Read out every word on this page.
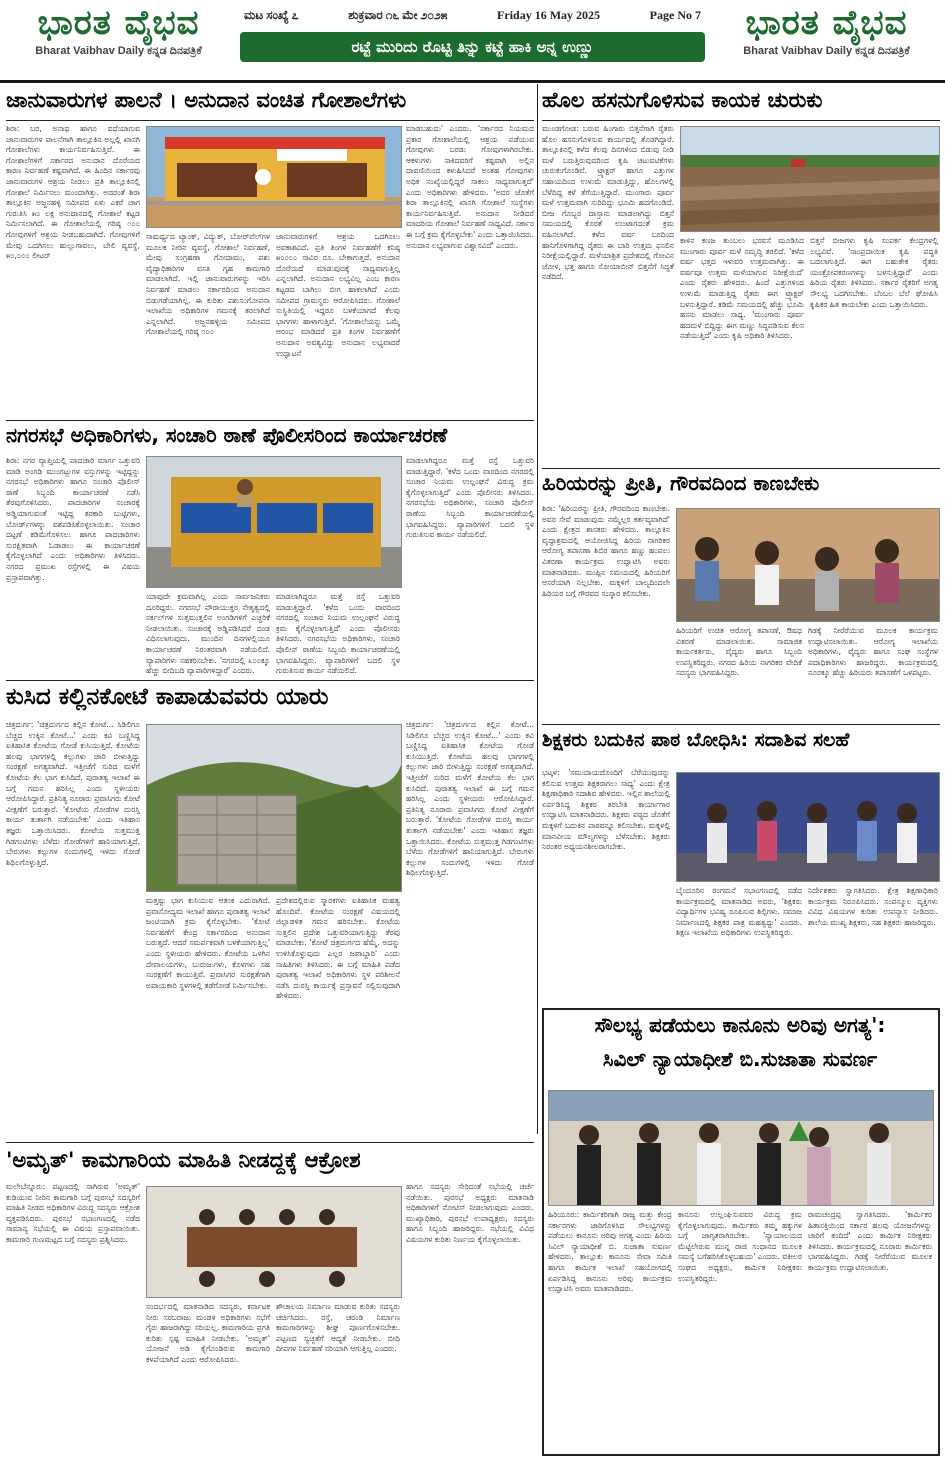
ಭಾರತ ವೈಭವ
Bharat Vaibhav Daily ಕನ್ನಡ ದಿನಪತ್ರಿಕೆ
ಮಟ ಸಂಖ್ಯೆ ೭	ಶುಕ್ರವಾರ ೧೬ ಮೇ ೨೦೨೫	Friday 16 May 2025	Page No 7
ರಟ್ಟೆ ಮುರಿದು ರೊಟ್ಟಿ ತಿನ್ನು ಕಟ್ಟೆ ಹಾಕಿ ಅನ್ನ ಉಣ್ಣು
ಭಾರತ ವೈಭವ
Bharat Vaibhav Daily ಕನ್ನಡ ದಿನಪತ್ರಿಕೆ
ಜಾನುವಾರುಗಳ ಪಾಲನೆ । ಅನುದಾನ ವಂಚಿತ ಗೋಶಾಲೆಗಳು
ಶಿರಾ: ಬರ, ಅನಾಥ ಹಾಗೂ ವಧೆಯಾಗುವ ಜಾನುವಾರುಗಳ ಪಾಲನೆಗಾಗಿ ತಾಲ್ಲೂಕಿನ ಅಲ್ಲಲ್ಲಿ ಖಾಸಗಿ ಗೋಶಾಲೆಗಳು ಕಾರ್ಯನಿರ್ವಹಿಸುತ್ತಿವೆ. ಈ ಗೋಶಾಲೆಗಳಿಗೆ ಸರ್ಕಾರದ ಅನುದಾನ ದೊರೆಯದ ಕಾರಣ ನಿರ್ವಹಣೆ ಕಷ್ಟವಾಗಿದೆ. ಈ ಹಿಂದಿನ ಸರ್ಕಾರವು ಜಾನುವಾರುಗಳ ಆಶ್ರಯ ನೀಡಲು ಪ್ರತಿ ತಾಲ್ಲೂಕಿನಲ್ಲಿ ಗೋಶಾಲೆ ನಿರ್ಮಿಸಲು ಮುಂದಾಗಿತ್ತು. ಅದರಂತೆ ಶಿರಾ ತಾಲ್ಲೂಕಿನ ಅಜ್ಜನಹಳ್ಳಿ ಸಮೀಪದ ಏಳು ಎಕರೆ ಜಾಗ ಗುರುತಿಸಿ ೫೦ ಲಕ್ಷ ಅನುದಾನದಲ್ಲಿ ಗೋಶಾಲೆ ಕಟ್ಟಡ ನಿರ್ಮಿಸಲಾಗಿದೆ. ಈ ಗೋಶಾಲೆಯಲ್ಲಿ ಗರಿಷ್ಠ ೧೦೦ ಗೋವುಗಳಿಗೆ ಆಶ್ರಯ ನೀಡಬಹುದಾಗಿದೆ. ಗೋವುಗಳಿಗೆ ಮೇವು ಒದಗಿಸಲು ಹುಲ್ಲುಗಾವಲು, ಬೇಲಿ ವ್ಯವಸ್ಥೆ, ೫೦,೦೦೦ ಲೀಟರ್
ಸಾಮರ್ಥ್ಯದ ಟ್ಯಾಂಕ್, ವಿದ್ಯುತ್, ಬೋರ್‌ವೆಲ್‌ಗಳ ಮೂಲಕ ನೀರಿನ ವ್ಯವಸ್ಥೆ, ಗೋಶಾಲೆ ನಿರ್ವಹಣೆ, ಮೇವು ಸಂಗ್ರಹಣಾ ಗೋದಾಮು, ಪಶು ವೈದ್ಯಾಧಿಕಾರಿಗಳ ವಸತಿ ಗೃಹ ಕಾಮಗಾರಿ ಮಾಡಲಾಗಿದೆ. ಇಲ್ಲಿ ಜಾನುವಾರುಗಳನ್ನು ಇರಿಸಿ ನಿರ್ವಹಣೆ ಮಾಡಲು ಸರ್ಕಾರದಿಂದ ಅನುದಾನ ಬಿಡುಗಡೆಯಾಗಿಲ್ಲ. ಈ ಕುರಿತು ಪಶುಸಂಗೋಪನಾ ಇಲಾಖೆಯ ಅಧಿಕಾರಿಗಳ ಗಮನಕ್ಕೆ ತರಲಾಗಿದೆ ಎನ್ನಲಾಗಿದೆ. ಅಜ್ಜನಹಳ್ಳಿಯ ಸಮೀಪದ ಗೋಶಾಲೆಯಲ್ಲಿ ಗರಿಷ್ಠ ೧೦೦
ಜಾನುವಾರುಗಳಿಗೆ ಆಶ್ರಯ ಒದಗಿಸಲು ಅವಕಾಶವಿದೆ. ಪ್ರತಿ ತಿಂಗಳ ನಿರ್ವಹಣೆಗೆ ಕನಿಷ್ಠ ೫೦೦೦೦ ಸಾವಿರ ರೂ. ಬೇಕಾಗುತ್ತದೆ. ಅನುದಾನ ದೊರೆಯದೆ ಮಾಡುವುದಕ್ಕೆ ಸಾಧ್ಯವಾಗುತ್ತಿಲ್ಲ ಎನ್ನಲಾಗಿದೆ. ಅನುದಾನ ಲಭ್ಯವಿಲ್ಲ ಎಂಬ ಕಾರಣ ಕಟ್ಟಡದ ಬಾಗಿಲು ಬೀಗ ಹಾಕಲಾಗಿದೆ ಎಂದು ಸಮೀಪದ ಗ್ರಾಮಸ್ಥರು ಆರೋಪಿಸಿದರು. ಗೋಶಾಲೆ ಸುಸ್ಥಿತಿಯಲ್ಲಿ ಇದ್ದರೂ ಬಳಕೆಯಾಗದೆ ಕೆಲವು ಭಾಗಗಳು ಹಾಳಾಗುತ್ತಿವೆ. 'ಗೋಶಾಲೆಯನ್ನು ಒಮ್ಮೆ ಆರಂಭ ಮಾಡಿದರೆ ಪ್ರತಿ ತಿಂಗಳ ನಿರ್ವಹಣೆಗೆ ಅನುದಾನ ಅವಶ್ಯವಿದ್ದು ಅನುದಾನ ಲಭ್ಯವಾದರೆ ಉದ್ಘಾಟನೆ
ಮಾಡಬಹುದು' ಎಂದರು. 'ಸರ್ಕಾರದ ನಿಯಮದ ಪ್ರಕಾರ ಗೋಶಾಲೆಯಲ್ಲಿ ಆಶ್ರಯ ಪಡೆಯುವ ಗೋವುಗಳು ಬರಡು ಗೋವುಗಳಾಗಿರಬೇಕು. ಆಕಳುಗಳು ಸಾಕಿದವರಿಗೆ ಕಷ್ಟವಾಗಿ ಅಲ್ಲಿನ ದಾವಣಿಯಿಂದ ಕಳುಹಿಸಿದರೆ ಅಂತಹ ಗೋವುಗಳು ಅಧಿಕ ಸಂಖ್ಯೆಯಲ್ಲಿದ್ದರೆ ಸಾಕಲು ಸಾಧ್ಯವಾಗುತ್ತದೆ' ಎಂದು ಅಧಿಕಾರಿಗಳು ಹೇಳಿದರು. 'ಅದರ ಜೊತೆಗೆ ಶಿರಾ ತಾಲ್ಲೂಕಿನಲ್ಲಿ ಖಾಸಗಿ ಗೋಶಾಲೆ ಸಂಸ್ಥೆಗಳು ಕಾರ್ಯನಿರ್ವಹಿಸುತ್ತಿವೆ. ಅನುದಾನ ನೀಡಿದರೆ ಮಾದರಿಯ ಗೋಶಾಲೆ ನಿರ್ವಹಣೆ ಸಾಧ್ಯವಿದೆ. ಸರ್ಕಾರ ಈ ಬಗ್ಗೆ ಕ್ರಮ ಕೈಗೊಳ್ಳಬೇಕು' ಎಂದು ಒತ್ತಾಯಿಸಿದರು. ಅನುದಾನ ಲಭ್ಯವಾಗುವ ವಿಶ್ವಾಸವಿದೆ' ಎಂದರು.
ಹೊಲ ಹಸನುಗೊಳಿಸುವ ಕಾಯಕ ಚುರುಕು
ಮುಂಡಗೋಡ: ಬರುವ ಹಿಂಗಾರು ಬಿತ್ತನೆಗಾಗಿ ರೈತರು ಹೊಲ ಹಸನುಗೊಳಿಸುವ ಕಾರ್ಯದಲ್ಲಿ ತೊಡಗಿದ್ದಾರೆ. ತಾಲ್ಲೂಕಿನಲ್ಲಿ ಕಳೆದ ಕೆಲವು ದಿನಗಳಿಂದ ಬಿಡುವು ನೀಡಿ ಮಳೆ ಬರುತ್ತಿರುವುದರಿಂದ ಕೃಷಿ ಚಟುವಟಿಕೆಗಳು ಚುರುಕುಗೊಂಡಿವೆ. ಟ್ರ್ಯಾಕ್ಟರ್ ಹಾಗೂ ಎತ್ತುಗಳ ಸಹಾಯದಿಂದ ಉಳುಮೆ ಮಾಡುತ್ತಿದ್ದು, ಹೊಲಗಳಲ್ಲಿ ಬೆಳೆದಿದ್ದ ಕಳೆ ತೆಗೆಯುತ್ತಿದ್ದಾರೆ. ಮುಂಗಾರು ಪೂರ್ವ ಮಳೆ ಉತ್ತಮವಾಗಿ ಸುರಿದಿದ್ದು ಭೂಮಿ ಹದಗೊಂಡಿದೆ. ಬೀಜ ಗೊಬ್ಬರ ದಾಸ್ತಾನು ಮಾಡಲಾಗಿದ್ದು ಬಿತ್ತನೆ ಸಮಯದಲ್ಲಿ ಕೊರತೆ ಉಂಟಾಗದಂತೆ ಕ್ರಮ ವಹಿಸಲಾಗಿದೆ. ಕಳೆದ ವರ್ಷ ಬರದಿಂದ ಹಾನಿಗೊಳಗಾಗಿದ್ದ ರೈತರು ಈ ಬಾರಿ ಉತ್ತಮ ಫಸಲಿನ ನಿರೀಕ್ಷೆಯಲ್ಲಿದ್ದಾರೆ. ಮಳೆಯಾಶ್ರಿತ ಪ್ರದೇಶದಲ್ಲಿ ಗೋವಿನ ಜೋಳ, ಭತ್ತ ಹಾಗೂ ಸೋಯಾಬೀನ್ ಬಿತ್ತನೆಗೆ ಸಿದ್ಧತೆ ನಡೆದಿದೆ.
ಕಾಳಿನ ಕಣಜ ತುಂಬಲು ಭರವಸೆ ಮೂಡಿಸಿದ ಮುಂಗಾರು ಪೂರ್ವ ಮಳೆ ಸಮೃದ್ಧಿ ತರಲಿದೆ. 'ಕಳೆದ ವರ್ಷ ಭತ್ತದ ಇಳುವರಿ ಉತ್ತಮವಾಗಿತ್ತು. ಈ ವರ್ಷವೂ ಉತ್ತಮ ಮಳೆಯಾಗುವ ನಿರೀಕ್ಷೆಯಿದೆ' ಎಂದು ರೈತರು ಹೇಳಿದರು. ಹಿಂದೆ ಎತ್ತುಗಳಿಂದ ಉಳುಮೆ ಮಾಡುತ್ತಿದ್ದ ರೈತರು ಈಗ ಟ್ರ್ಯಾಕ್ಟರ್ ಬಳಸುತ್ತಿದ್ದಾರೆ. ಕಡಿಮೆ ಸಮಯದಲ್ಲಿ ಹೆಚ್ಚು ಭೂಮಿ ಹಸನು ಮಾಡಲು ಸಾಧ್ಯ. 'ಮುಂಗಾರು ಪೂರ್ವ ಹದಮಳೆ ಬಿದ್ದಿದ್ದು ಈಗ ಮಣ್ಣು ಸಿದ್ಧಪಡಿಸುವ ಕೆಲಸ ನಡೆಯುತ್ತಿದೆ' ಎಂದು ಕೃಷಿ ಅಧಿಕಾರಿ ತಿಳಿಸಿದರು.
ಬಿತ್ತನೆ ಬೀಜಗಳು ಕೃಷಿ ಸಂಪರ್ಕ ಕೇಂದ್ರಗಳಲ್ಲಿ ಲಭ್ಯವಿವೆ. 'ಸಾಂಪ್ರದಾಯಿಕ ಕೃಷಿ ಪದ್ಧತಿ ಬದಲಾಗುತ್ತಿದೆ. ಈಗ ಬಹುತೇಕ ರೈತರು ಯಂತ್ರೋಪಕರಣಗಳನ್ನು ಬಳಸುತ್ತಿದ್ದಾರೆ' ಎಂದು ಹಿರಿಯ ರೈತರು ತಿಳಿಸಿದರು. ಸರ್ಕಾರ ರೈತರಿಗೆ ಅಗತ್ಯ ಸೌಲಭ್ಯ ಒದಗಿಸಬೇಕು. ಬೆಂಬಲ ಬೆಲೆ ಘೋಷಿಸಿ ಕೃಷಿಕರ ಹಿತ ಕಾಯಬೇಕು ಎಂದು ಒತ್ತಾಯಿಸಿದರು.
ನಗರಸಭೆ ಅಧಿಕಾರಿಗಳು, ಸಂಚಾರಿ ಠಾಣೆ ಪೊಲೀಸರಿಂದ ಕಾರ್ಯಾಚರಣೆ
ಶಿರಾ: ನಗರ ವ್ಯಾಪ್ತಿಯಲ್ಲಿ ಪಾದಚಾರಿ ಮಾರ್ಗ ಒತ್ತುವರಿ ಮಾಡಿ ಅಂಗಡಿ ಮುಂಗಟ್ಟುಗಳ ವಸ್ತುಗಳನ್ನು ಇಟ್ಟಿದ್ದನ್ನು ನಗರಸಭೆ ಅಧಿಕಾರಿಗಳು ಹಾಗೂ ಸಂಚಾರಿ ಪೊಲೀಸ್ ಠಾಣೆ ಸಿಬ್ಬಂದಿ ಕಾರ್ಯಾಚರಣೆ ನಡೆಸಿ ತೆರವುಗೊಳಿಸಿದರು. ಪಾದಚಾರಿಗಳ ಸಂಚಾರಕ್ಕೆ ಅಡ್ಡಿಯಾಗುವಂತೆ ಇಟ್ಟಿದ್ದ ತರಕಾರಿ ಬುಟ್ಟಿಗಳು, ಬೋರ್ಡ್‌ಗಳನ್ನು ವಶಪಡಿಸಿಕೊಳ್ಳಲಾಯಿತು. ಸಂಚಾರ ದಟ್ಟಣೆ ಕಡಿಮೆಗೊಳಿಸಲು ಹಾಗೂ ಪಾದಚಾರಿಗಳು ಸುರಕ್ಷಿತವಾಗಿ ಓಡಾಡಲು ಈ ಕಾರ್ಯಾಚರಣೆ ಕೈಗೊಳ್ಳಲಾಗಿದೆ ಎಂದು ಅಧಿಕಾರಿಗಳು ತಿಳಿಸಿದರು. ನಗರದ ಪ್ರಮುಖ ರಸ್ತೆಗಳಲ್ಲಿ ಈ ವಿಷಯ ಪ್ರಸ್ತಾಪವಾಗಿತ್ತು.
ಯಾವುದೇ ಕ್ರಮವಾಗಿಲ್ಲ ಎಂದು ಸಾರ್ವಜನಿಕರು ದೂರಿದ್ದರು. ನಗರಸಭೆ ಪೌರಾಯುಕ್ತರ ನೇತೃತ್ವದಲ್ಲಿ ಸರ್ಕಲ್‌ಗಳ ಸುತ್ತಮುತ್ತಲಿನ ಅಂಗಡಿಗಳಿಗೆ ಎಚ್ಚರಿಕೆ ನೀಡಲಾಯಿತು. ಸಂಚಾರಕ್ಕೆ ಅಡ್ಡಿಪಡಿಸಿದರೆ ದಂಡ ವಿಧಿಸಲಾಗುವುದು. ಮುಂದಿನ ದಿನಗಳಲ್ಲಿಯೂ ಕಾರ್ಯಾಚರಣೆ ನಿರಂತರವಾಗಿ ನಡೆಯಲಿದೆ. ವ್ಯಾಪಾರಿಗಳು ಸಹಕರಿಸಬೇಕು. 'ನಗರದಲ್ಲಿ ೩೦೦ಕ್ಕೂ ಹೆಚ್ಚು ಬೀದಿಬದಿ ವ್ಯಾಪಾರಿಗಳಿದ್ದಾರೆ' ಎಂದರು.
ಮಾಡಲಾಗಿದ್ದರೂ ಮತ್ತೆ ರಸ್ತೆ ಒತ್ತುವರಿ ಮಾಡುತ್ತಿದ್ದಾರೆ. 'ಕಳೆದ ಒಂದು ವಾರದಿಂದ ನಗರದಲ್ಲಿ ಸಂಚಾರ ನಿಯಮ ಉಲ್ಲಂಘನೆ ವಿರುದ್ಧ ಕ್ರಮ ಕೈಗೊಳ್ಳಲಾಗುತ್ತಿದೆ' ಎಂದು ಪೊಲೀಸರು ತಿಳಿಸಿದರು. ನಗರಸಭೆಯ ಅಧಿಕಾರಿಗಳು, ಸಂಚಾರಿ ಪೊಲೀಸ್ ಠಾಣೆಯ ಸಿಬ್ಬಂದಿ ಕಾರ್ಯಾಚರಣೆಯಲ್ಲಿ ಭಾಗವಹಿಸಿದ್ದರು. ವ್ಯಾಪಾರಿಗಳಿಗೆ ಬದಲಿ ಸ್ಥಳ ಗುರುತಿಸುವ ಕಾರ್ಯ ನಡೆಯಲಿದೆ.
ಮಾಡಲಾಗಿದ್ದರೂ ಮತ್ತೆ ರಸ್ತೆ ಒತ್ತುವರಿ ಮಾಡುತ್ತಿದ್ದಾರೆ. 'ಕಳೆದ ಒಂದು ವಾರದಿಂದ ನಗರದಲ್ಲಿ ಸಂಚಾರ ನಿಯಮ ಉಲ್ಲಂಘನೆ ವಿರುದ್ಧ ಕ್ರಮ ಕೈಗೊಳ್ಳಲಾಗುತ್ತಿದೆ' ಎಂದು ಪೊಲೀಸರು ತಿಳಿಸಿದರು. ನಗರಸಭೆಯ ಅಧಿಕಾರಿಗಳು, ಸಂಚಾರಿ ಪೊಲೀಸ್ ಠಾಣೆಯ ಸಿಬ್ಬಂದಿ ಕಾರ್ಯಾಚರಣೆಯಲ್ಲಿ ಭಾಗವಹಿಸಿದ್ದರು. ವ್ಯಾಪಾರಿಗಳಿಗೆ ಬದಲಿ ಸ್ಥಳ ಗುರುತಿಸುವ ಕಾರ್ಯ ನಡೆಯಲಿದೆ.
ಹಿರಿಯರನ್ನು ಪ್ರೀತಿ, ಗೌರವದಿಂದ ಕಾಣಬೇಕು
ಶಿರಾ: 'ಹಿರಿಯರನ್ನು ಪ್ರೀತಿ, ಗೌರವದಿಂದ ಕಾಣಬೇಕು. ಅವರ ಸೇವೆ ಮಾಡುವುದು ನಮ್ಮೆಲ್ಲರ ಕರ್ತವ್ಯವಾಗಿದೆ' ಎಂದು ಕ್ಷೇತ್ರದ ಶಾಸಕರು ಹೇಳಿದರು. ತಾಲ್ಲೂಕಿನ ವೃದ್ಧಾಶ್ರಮದಲ್ಲಿ ಆಯೋಜಿಸಿದ್ದ ಹಿರಿಯ ನಾಗರಿಕರ ಆರೋಗ್ಯ ತಪಾಸಣಾ ಶಿಬಿರ ಹಾಗೂ ಹಣ್ಣು ಹಂಪಲು ವಿತರಣಾ ಕಾರ್ಯಕ್ರಮ ಉದ್ಘಾಟಿಸಿ ಅವರು ಮಾತನಾಡಿದರು. ಮುಪ್ಪಿನ ಸಮಯದಲ್ಲಿ ಹಿರಿಯರಿಗೆ ಆಸರೆಯಾಗಿ ನಿಲ್ಲಬೇಕು. ಮಕ್ಕಳಿಗೆ ಬಾಲ್ಯದಿಂದಲೇ ಹಿರಿಯರ ಬಗ್ಗೆ ಗೌರವದ ಸಂಸ್ಕಾರ ಕಲಿಸಬೇಕು.
ಹಿರಿಯರಿಗೆ ಉಚಿತ ಆರೋಗ್ಯ ತಪಾಸಣೆ, ಔಷಧ ವಿತರಣೆ ಮಾಡಲಾಯಿತು. ಸಾಮಾಜಿಕ ಕಾರ್ಯಕರ್ತರು, ವೈದ್ಯರು ಹಾಗೂ ಸಿಬ್ಬಂದಿ ಉಪಸ್ಥಿತರಿದ್ದರು. ನಗರದ ಹಿರಿಯ ನಾಗರಿಕರ ವೇದಿಕೆ ಸದಸ್ಯರು ಭಾಗವಹಿಸಿದ್ದರು.
ಗಿಡಕ್ಕೆ ನೀರೆರೆಯುವ ಮೂಲಕ ಕಾರ್ಯಕ್ರಮ ಉದ್ಘಾಟಿಸಲಾಯಿತು. ಆರೋಗ್ಯ ಇಲಾಖೆಯ ಅಧಿಕಾರಿಗಳು, ವೈದ್ಯರು ಹಾಗೂ ಸಂಘ ಸಂಸ್ಥೆಗಳ ಪದಾಧಿಕಾರಿಗಳು ಹಾಜರಿದ್ದರು. ಕಾರ್ಯಕ್ರಮದಲ್ಲಿ ನೂರಕ್ಕೂ ಹೆಚ್ಚು ಹಿರಿಯರು ತಪಾಸಣೆಗೆ ಒಳಪಟ್ಟರು.
ಕುಸಿದ ಕಲ್ಲಿನಕೋಟೆ ಕಾಪಾಡುವವರು ಯಾರು
ಚಿತ್ರದುರ್ಗ: 'ಚಿತ್ರದುರ್ಗದ ಕಲ್ಲಿನ ಕೋಟೆ... ಸಿಡಿಲಿಗೂ ಬೆಚ್ಚದ ಉಕ್ಕಿನ ಕೋಟೆ...' ಎಂದು ಕವಿ ಬಣ್ಣಿಸಿದ್ದ ಐತಿಹಾಸಿಕ ಕೋಟೆಯ ಗೋಡೆ ಕುಸಿಯುತ್ತಿದೆ. ಕೋಟೆಯ ಹಲವು ಭಾಗಗಳಲ್ಲಿ ಕಲ್ಲುಗಳು ಜಾರಿ ಬೀಳುತ್ತಿದ್ದು ಸಂರಕ್ಷಣೆ ಅಗತ್ಯವಾಗಿದೆ. ಇತ್ತೀಚೆಗೆ ಸುರಿದ ಮಳೆಗೆ ಕೋಟೆಯ ಕೆಲ ಭಾಗ ಕುಸಿದಿದೆ. ಪುರಾತತ್ವ ಇಲಾಖೆ ಈ ಬಗ್ಗೆ ಗಮನ ಹರಿಸಿಲ್ಲ ಎಂದು ಸ್ಥಳೀಯರು ಆರೋಪಿಸಿದ್ದಾರೆ. ಪ್ರತಿನಿತ್ಯ ನೂರಾರು ಪ್ರವಾಸಿಗರು ಕೋಟೆ ವೀಕ್ಷಣೆಗೆ ಬರುತ್ತಾರೆ. 'ಕೋಟೆಯ ಗೋಡೆಗಳ ದುರಸ್ತಿ ಕಾರ್ಯ ತುರ್ತಾಗಿ ನಡೆಯಬೇಕು' ಎಂದು ಇತಿಹಾಸ ತಜ್ಞರು ಒತ್ತಾಯಿಸಿದರು. ಕೋಟೆಯ ಸುತ್ತಮುತ್ತ ಗಿಡಗಂಟಿಗಳು ಬೆಳೆದು ಗೋಡೆಗಳಿಗೆ ಹಾನಿಯಾಗುತ್ತಿದೆ. ಬೇರುಗಳು ಕಲ್ಲುಗಳ ಸಂದುಗಳಲ್ಲಿ ಇಳಿದು ಗೋಡೆ ಶಿಥಿಲಗೊಳ್ಳುತ್ತಿದೆ.
ಮತ್ತಷ್ಟು ಭಾಗ ಕುಸಿಯುವ ಆತಂಕ ಎದುರಾಗಿದೆ. ಪ್ರವಾಸೋದ್ಯಮ ಇಲಾಖೆ ಹಾಗೂ ಪುರಾತತ್ವ ಇಲಾಖೆ ಜಂಟಿಯಾಗಿ ಕ್ರಮ ಕೈಗೊಳ್ಳಬೇಕು. 'ಕೋಟೆ ನಿರ್ವಹಣೆಗೆ ಕೇಂದ್ರ ಸರ್ಕಾರದಿಂದ ಅನುದಾನ ಬರುತ್ತದೆ. ಆದರೆ ಸಮರ್ಪಕವಾಗಿ ಬಳಕೆಯಾಗುತ್ತಿಲ್ಲ' ಎಂದು ಸ್ಥಳೀಯರು ಹೇಳಿದರು. ಕೋಟೆಯ ಒಳಗಿನ ದೇವಾಲಯಗಳು, ಬುರುಜುಗಳು, ಕೊಳಗಳು ಸಹ ಸಂರಕ್ಷಣೆಗೆ ಕಾಯುತ್ತಿವೆ. ಪ್ರವಾಸಿಗರ ಸುರಕ್ಷತೆಗಾಗಿ ಅಪಾಯಕಾರಿ ಸ್ಥಳಗಳಲ್ಲಿ ತಡೆಗೋಡೆ ನಿರ್ಮಿಸಬೇಕು.
ಪ್ರದೇಶದಲ್ಲಿರುವ ಸ್ಮಾರಕಗಳು ಐತಿಹಾಸಿಕ ಮಹತ್ವ ಹೊಂದಿವೆ. ಕೋಟೆಯ ಸಂರಕ್ಷಣೆ ವಿಷಯದಲ್ಲಿ ಜಿಲ್ಲಾಡಳಿತ ಗಮನ ಹರಿಸಬೇಕು. ಕೋಟೆಯ ಸುತ್ತಲಿನ ಪ್ರದೇಶ ಒತ್ತುವರಿಯಾಗುತ್ತಿದ್ದು ತೆರವು ಮಾಡಬೇಕು. 'ಕೋಟೆ ಚಿತ್ರದುರ್ಗದ ಹೆಮ್ಮೆ. ಅದನ್ನು ಉಳಿಸಿಕೊಳ್ಳುವುದು ಎಲ್ಲರ ಜವಾಬ್ದಾರಿ' ಎಂದು ಸಾಹಿತಿಗಳು ತಿಳಿಸಿದರು. ಈ ಬಗ್ಗೆ ಮಾಹಿತಿ ಪಡೆದ ಪುರಾತತ್ವ ಇಲಾಖೆ ಅಧಿಕಾರಿಗಳು ಸ್ಥಳ ಪರಿಶೀಲನೆ ನಡೆಸಿ ದುರಸ್ತಿ ಕಾರ್ಯಕ್ಕೆ ಪ್ರಸ್ತಾವನೆ ಸಲ್ಲಿಸುವುದಾಗಿ ಹೇಳಿದರು.
ಚಿತ್ರದುರ್ಗ: 'ಚಿತ್ರದುರ್ಗದ ಕಲ್ಲಿನ ಕೋಟೆ... ಸಿಡಿಲಿಗೂ ಬೆಚ್ಚದ ಉಕ್ಕಿನ ಕೋಟೆ...' ಎಂದು ಕವಿ ಬಣ್ಣಿಸಿದ್ದ ಐತಿಹಾಸಿಕ ಕೋಟೆಯ ಗೋಡೆ ಕುಸಿಯುತ್ತಿದೆ. ಕೋಟೆಯ ಹಲವು ಭಾಗಗಳಲ್ಲಿ ಕಲ್ಲುಗಳು ಜಾರಿ ಬೀಳುತ್ತಿದ್ದು ಸಂರಕ್ಷಣೆ ಅಗತ್ಯವಾಗಿದೆ. ಇತ್ತೀಚೆಗೆ ಸುರಿದ ಮಳೆಗೆ ಕೋಟೆಯ ಕೆಲ ಭಾಗ ಕುಸಿದಿದೆ. ಪುರಾತತ್ವ ಇಲಾಖೆ ಈ ಬಗ್ಗೆ ಗಮನ ಹರಿಸಿಲ್ಲ ಎಂದು ಸ್ಥಳೀಯರು ಆರೋಪಿಸಿದ್ದಾರೆ. ಪ್ರತಿನಿತ್ಯ ನೂರಾರು ಪ್ರವಾಸಿಗರು ಕೋಟೆ ವೀಕ್ಷಣೆಗೆ ಬರುತ್ತಾರೆ. 'ಕೋಟೆಯ ಗೋಡೆಗಳ ದುರಸ್ತಿ ಕಾರ್ಯ ತುರ್ತಾಗಿ ನಡೆಯಬೇಕು' ಎಂದು ಇತಿಹಾಸ ತಜ್ಞರು ಒತ್ತಾಯಿಸಿದರು. ಕೋಟೆಯ ಸುತ್ತಮುತ್ತ ಗಿಡಗಂಟಿಗಳು ಬೆಳೆದು ಗೋಡೆಗಳಿಗೆ ಹಾನಿಯಾಗುತ್ತಿದೆ. ಬೇರುಗಳು ಕಲ್ಲುಗಳ ಸಂದುಗಳಲ್ಲಿ ಇಳಿದು ಗೋಡೆ ಶಿಥಿಲಗೊಳ್ಳುತ್ತಿದೆ.
ಶಿಕ್ಷಕರು ಬದುಕಿನ ಪಾಠ ಬೋಧಿಸಿ: ಸದಾಶಿವ ಸಲಹೆ
ಭಟ್ಕಳ: 'ಸಮುದಾಯದೊಂದಿಗೆ ಬೆರೆಯುವುದನ್ನು ಕಲಿಸುವ ಉತ್ತಮ ಶಿಕ್ಷಕರಾಗಲು ಸಾಧ್ಯ' ಎಂದು ಕ್ಷೇತ್ರ ಶಿಕ್ಷಣಾಧಿಕಾರಿ ಸದಾಶಿವ ಹೇಳಿದರು. ಇಲ್ಲಿನ ಶಾಲೆಯಲ್ಲಿ ಏರ್ಪಡಿಸಿದ್ದ ಶಿಕ್ಷಕರ ತರಬೇತಿ ಕಾರ್ಯಾಗಾರ ಉದ್ಘಾಟಿಸಿ ಮಾತನಾಡಿದರು. ಶಿಕ್ಷಕರು ಪಠ್ಯದ ಜೊತೆಗೆ ಮಕ್ಕಳಿಗೆ ಬದುಕಿನ ಪಾಠವನ್ನೂ ಕಲಿಸಬೇಕು. ಮಕ್ಕಳಲ್ಲಿ ಮಾನವೀಯ ಮೌಲ್ಯಗಳನ್ನು ಬೆಳೆಸಬೇಕು. ಶಿಕ್ಷಕರು ನಿರಂತರ ಅಧ್ಯಯನಶೀಲರಾಗಬೇಕು.
ಬೈಂದೂರಿನ ರಂಗಮನೆ ಸಭಾಂಗಣದಲ್ಲಿ ನಡೆದ ಕಾರ್ಯಕ್ರಮದಲ್ಲಿ ಮಾತನಾಡಿದ ಅವರು, 'ಶಿಕ್ಷಕರು ವಿದ್ಯಾರ್ಥಿಗಳ ಭವಿಷ್ಯ ರೂಪಿಸುವ ಶಿಲ್ಪಿಗಳು. ಸಮಾಜ ನಿರ್ಮಾಣದಲ್ಲಿ ಶಿಕ್ಷಕರ ಪಾತ್ರ ಮಹತ್ವದ್ದು' ಎಂದರು. ಶಿಕ್ಷಣ ಇಲಾಖೆಯ ಅಧಿಕಾರಿಗಳು ಉಪಸ್ಥಿತರಿದ್ದರು.
ನಿರ್ದೇಶಕರು ಸ್ವಾಗತಿಸಿದರು. ಕ್ಷೇತ್ರ ಶಿಕ್ಷಣಾಧಿಕಾರಿ ಕಾರ್ಯಕ್ರಮ ನಿರೂಪಿಸಿದರು. ಸಂಪನ್ಮೂಲ ವ್ಯಕ್ತಿಗಳು ವಿವಿಧ ವಿಷಯಗಳ ಕುರಿತು ಉಪನ್ಯಾಸ ನೀಡಿದರು. ಶಾಲೆಯ ಮುಖ್ಯ ಶಿಕ್ಷಕರು, ಸಹ ಶಿಕ್ಷಕರು ಹಾಜರಿದ್ದರು.
ಸೌಲಭ್ಯ ಪಡೆಯಲು ಕಾನೂನು ಅರಿವು ಅಗತ್ಯ':
ಸಿವಿಲ್ ನ್ಯಾಯಾಧೀಶೆ ಬಿ.ಸುಜಾತಾ ಸುವರ್ಣ
ಹಿರಿಯೂರು: ಕಾರ್ಮಿಕರಿಗಾಗಿ ರಾಜ್ಯ ಮತ್ತು ಕೇಂದ್ರ ಸರ್ಕಾರಗಳು ಜಾರಿಗೊಳಿಸಿದ ಸೌಲಭ್ಯಗಳನ್ನು ಪಡೆಯಲು ಕಾನೂನು ಅರಿವು ಅಗತ್ಯ ಎಂದು ಹಿರಿಯ ಸಿವಿಲ್ ನ್ಯಾಯಾಧೀಶೆ ಬಿ. ಸುಜಾತಾ ಸುವರ್ಣ ಹೇಳಿದರು. ತಾಲ್ಲೂಕು ಕಾನೂನು ಸೇವಾ ಸಮಿತಿ ಹಾಗೂ ಕಾರ್ಮಿಕ ಇಲಾಖೆ ಸಹಯೋಗದಲ್ಲಿ ಏರ್ಪಡಿಸಿದ್ದ ಕಾನೂನು ಅರಿವು ಕಾರ್ಯಕ್ರಮ ಉದ್ಘಾಟಿಸಿ ಅವರು ಮಾತನಾಡಿದರು.
ಕಾನೂನು ಉಲ್ಲಂಘಿಸುವವರ ವಿರುದ್ಧ ಕ್ರಮ ಕೈಗೊಳ್ಳಲಾಗುವುದು. ಕಾರ್ಮಿಕರು ತಮ್ಮ ಹಕ್ಕುಗಳ ಬಗ್ಗೆ ಜಾಗೃತರಾಗಿರಬೇಕು. 'ನ್ಯಾಯಾಲಯದ ಮೆಟ್ಟಿಲೇರುವ ಮುನ್ನ ರಾಜಿ ಸಂಧಾನದ ಮೂಲಕ ಸಮಸ್ಯೆ ಬಗೆಹರಿಸಿಕೊಳ್ಳಬಹುದು' ಎಂದರು. ವಕೀಲರ ಸಂಘದ ಅಧ್ಯಕ್ಷರು, ಕಾರ್ಮಿಕ ನಿರೀಕ್ಷಕರು ಉಪಸ್ಥಿತರಿದ್ದರು.
ರಾಮಚಂದ್ರಪ್ಪ ಸ್ವಾಗತಿಸಿದರು. 'ಕಾರ್ಮಿಕರ ಹಿತಾಸಕ್ತಿಯಿಂದ ಸರ್ಕಾರ ಹಲವು ಯೋಜನೆಗಳನ್ನು ಜಾರಿಗೆ ತಂದಿದೆ' ಎಂದು ಕಾರ್ಮಿಕ ನಿರೀಕ್ಷಕರು ತಿಳಿಸಿದರು. ಕಾರ್ಯಕ್ರಮದಲ್ಲಿ ನೂರಾರು ಕಾರ್ಮಿಕರು ಭಾಗವಹಿಸಿದ್ದರು. ಗಿಡಕ್ಕೆ ನೀರೆರೆಯುವ ಮೂಲಕ ಕಾರ್ಯಕ್ರಮ ಉದ್ಘಾಟಿಸಲಾಯಿತು.
'ಅಮೃತ್' ಕಾಮಗಾರಿಯ ಮಾಹಿತಿ ನೀಡದ್ದಕ್ಕೆ ಆಕ್ರೋಶ
ಮಲೇಬೆನ್ನೂರು: ಪಟ್ಟಣದಲ್ಲಿ ಸಾಗಿರುವ 'ಅಮೃತ್' ಕುಡಿಯುವ ನೀರಿನ ಕಾಮಗಾರಿ ಬಗ್ಗೆ ಪುರಸಭೆ ಸದಸ್ಯರಿಗೆ ಮಾಹಿತಿ ನೀಡದ ಅಧಿಕಾರಿಗಳ ವಿರುದ್ಧ ಸದಸ್ಯರು ಆಕ್ರೋಶ ವ್ಯಕ್ತಪಡಿಸಿದರು. ಪುರಸಭೆ ಸಭಾಂಗಣದಲ್ಲಿ ನಡೆದ ಸಾಮಾನ್ಯ ಸಭೆಯಲ್ಲಿ ಈ ವಿಷಯ ಪ್ರಸ್ತಾಪವಾಯಿತು. ಕಾಮಗಾರಿ ಗುಣಮಟ್ಟದ ಬಗ್ಗೆ ಸದಸ್ಯರು ಪ್ರಶ್ನಿಸಿದರು.
ಸಂದರ್ಭದಲ್ಲಿ ಮಾತನಾಡಿದ ಸದಸ್ಯರು, ಕರ್ನಾಟಕ ನೀರು ಸರಬರಾಜು ಮಂಡಳಿ ಅಧಿಕಾರಿಗಳು ಸಭೆಗೆ ಗೈರು ಹಾಜರಾಗಿದ್ದು ಸರಿಯಲ್ಲ. ಕಾಮಗಾರಿಯ ಪ್ರಗತಿ ಕುರಿತು ಸ್ಪಷ್ಟ ಮಾಹಿತಿ ನೀಡಬೇಕು. 'ಅಮೃತ್' ಯೋಜನೆ ಅಡಿ ಕೈಗೊಂಡಿರುವ ಕಾಮಗಾರಿ ಕಳಪೆಯಾಗಿದೆ ಎಂದು ಆರೋಪಿಸಿದರು.
ಶೌಚಾಲಯ ನಿರ್ಮಾಣ ಮಾಡುವ ಕುರಿತು ಸದಸ್ಯರು ಚರ್ಚಿಸಿದರು. ರಸ್ತೆ, ಚರಂಡಿ ನಿರ್ಮಾಣ ಕಾಮಗಾರಿಗಳನ್ನು ಶೀಘ್ರ ಪೂರ್ಣಗೊಳಿಸಬೇಕು. ಪಟ್ಟಣದ ಸ್ವಚ್ಛತೆಗೆ ಆದ್ಯತೆ ನೀಡಬೇಕು. ಬೀದಿ ದೀಪಗಳ ನಿರ್ವಹಣೆ ಸರಿಯಾಗಿ ಆಗುತ್ತಿಲ್ಲ ಎಂದರು.
ಹಾಗೂ ಸದಸ್ಯರು ಸೇರಿದಂತೆ ಸಭೆಯಲ್ಲಿ ಚರ್ಚೆ ನಡೆಯಿತು. ಪುರಸಭೆ ಅಧ್ಯಕ್ಷರು ಮಾತನಾಡಿ ಅಧಿಕಾರಿಗಳಿಗೆ ನೋಟಿಸ್ ನೀಡಲಾಗುವುದು ಎಂದರು. ಮುಖ್ಯಾಧಿಕಾರಿ, ಪುರಸಭೆ ಉಪಾಧ್ಯಕ್ಷರು, ಸದಸ್ಯರು ಹಾಗೂ ಸಿಬ್ಬಂದಿ ಹಾಜರಿದ್ದರು. ಸಭೆಯಲ್ಲಿ ವಿವಿಧ ವಿಷಯಗಳ ಕುರಿತು ನಿರ್ಣಯ ಕೈಗೊಳ್ಳಲಾಯಿತು.
